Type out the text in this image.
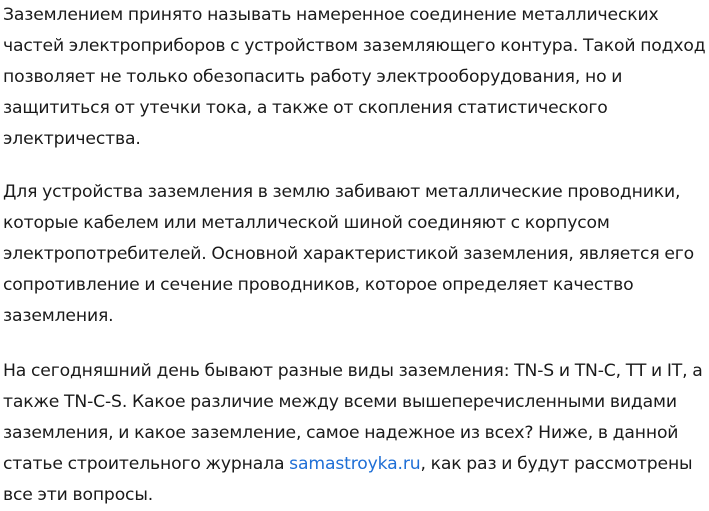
Заземлением принято называть намеренное соединение металлических частей электроприборов с устройством заземляющего контура. Такой подход позволяет не только обезопасить работу электрооборудования, но и защититься от утечки тока, а также от скопления статистического электричества.

Для устройства заземления в землю забивают металлические проводники, которые кабелем или металлической шиной соединяют с корпусом электропотребителей. Основной характеристикой заземления, является его сопротивление и сечение проводников, которое определяет качество заземления.

На сегодняшний день бывают разные виды заземления: TN-S и TN-C, TT и IT, а также TN-C-S. Какое различие между всеми вышеперечисленными видами заземления, и какое заземление, самое надежное из всех? Ниже, в данной статье строительного журнала samastroyka.ru, как раз и будут рассмотрены все эти вопросы.
